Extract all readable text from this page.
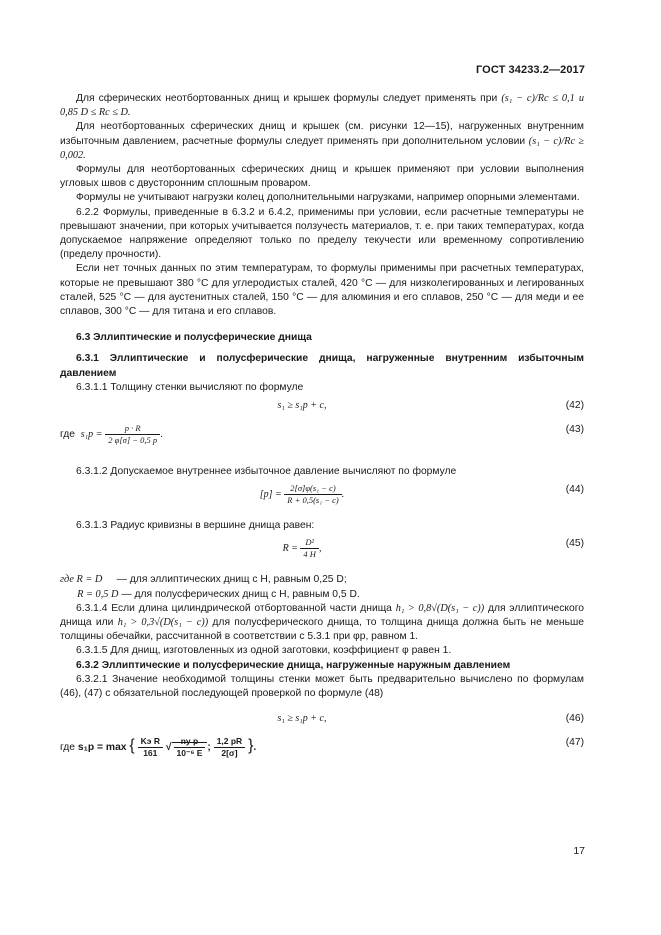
ГОСТ 34233.2—2017

Для сферических неотбортованных днищ и крышек формулы следует применять при (s₁ − c)/Rс ≤ 0,1 и 0,85 D ≤ Rс ≤ D.

Для неотбортованных сферических днищ и крышек (см. рисунки 12—15), нагруженных внутренним избыточным давлением, расчетные формулы следует применять при дополнительном условии (s₁ − c)/Rс ≥ 0,002.

Формулы для неотбортованных сферических днищ и крышек применяют при условии выполнения угловых швов с двусторонним сплошным проваром.

Формулы не учитывают нагрузки колец дополнительными нагрузками, например опорными элементами.

6.2.2 Формулы, приведенные в 6.3.2 и 6.4.2, применимы при условии, если расчетные температуры не превышают значении, при которых учитывается ползучесть материалов, т. е. при таких температурах, когда допускаемое напряжение определяют только по пределу текучести или временному сопротивлению (пределу прочности).

Если нет точных данных по этим температурам, то формулы применимы при расчетных температурах, которые не превышают 380 °С для углеродистых сталей, 420 °С — для низколегированных и легированных сталей, 525 °С — для аустенитных сталей, 150 °С — для алюминия и его сплавов, 250 °С — для меди и ее сплавов, 300 °С — для титана и его сплавов.

6.3 Эллиптические и полусферические днища

6.3.1 Эллиптические и полусферические днища, нагруженные внутренним избыточным давлением

6.3.1.1 Толщину стенки вычисляют по формуле

s₁ ≥ s₁p + c,	(42)
где $s_1p = \frac{p \cdot R}{2 \varphi[\sigma] - 0,5 p}$ .	(43)

6.3.1.2 Допускаемое внутреннее избыточное давление вычисляют по формуле

$[p] = \frac{\text{2[σ]φ(s₁ − c)}}{\text{R + 0,5(s₁ − c)}}$ .	(44)

6.3.1.3 Радиус кривизны в вершине днища равен:

$R = \frac{\text{D²}}{4 H}$ ,	(45)

где R = D — для эллиптических днищ с H, равным 0,25 D;

R = 0,5 D — для полусферических днищ с H, равным 0,5 D.

6.3.1.4 Если длина цилиндрической отбортованной части днища h₁ > 0,8√(D(s₁ − c)) для эллиптического днища или h₁ > 0,3√(D(s₁ − c)) для полусферического днища, то толщина днища должна быть не меньше толщины обечайки, рассчитанной в соответствии с 5.3.1 при φp, равном 1.

6.3.1.5 Для днищ, изготовленных из одной заготовки, коэффициент φ равен 1.

6.3.2 Эллиптические и полусферические днища, нагруженные наружным давлением

6.3.2.1 Значение необходимой толщины стенки может быть предварительно вычислено по формулам (46), (47) с обязательной последующей проверкой по формуле (48)

s₁ ≥ s₁p + c,	(46)
где s₁p = max { $\frac{\text{Kэ R}}{161}$ √ $\frac{\text{nу p}}{\text{10⁻⁶ E}}$ ; $\frac{1,2 pR}{2[\sigma]}$ }.	(47)
17
